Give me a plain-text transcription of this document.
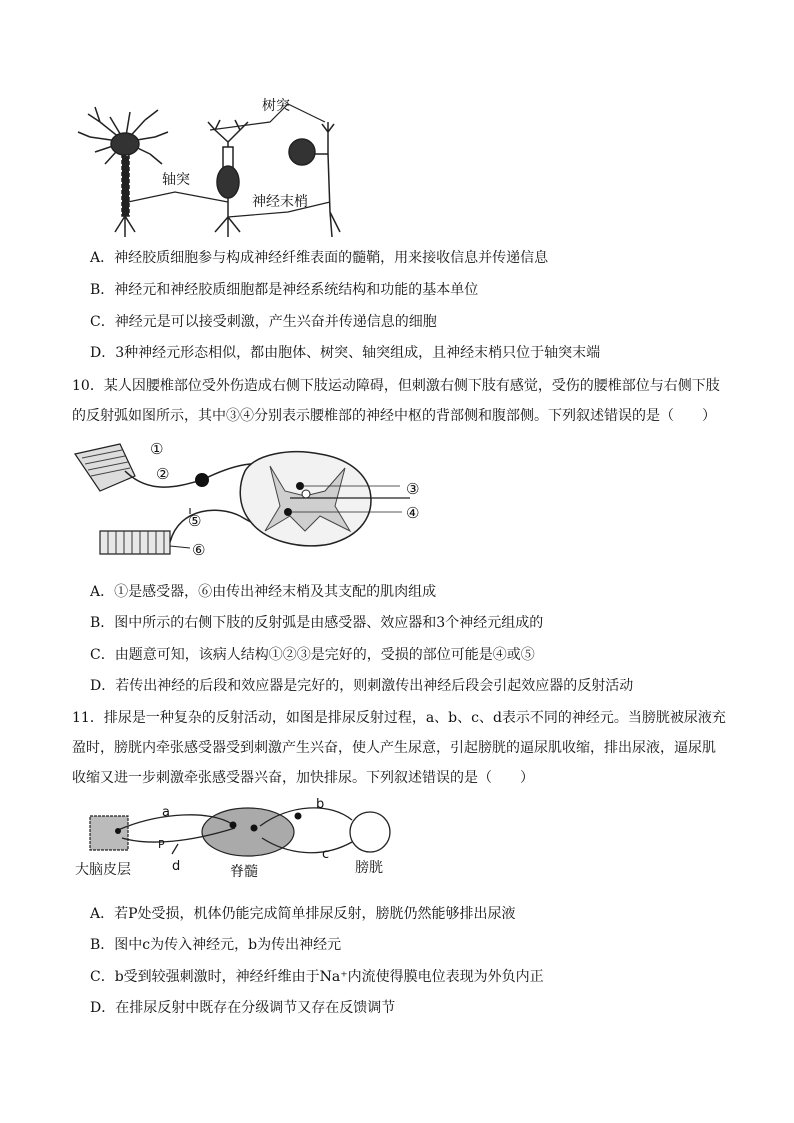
树突
轴突
神经末梢
A．神经胶质细胞参与构成神经纤维表面的髓鞘，用来接收信息并传递信息
B．神经元和神经胶质细胞都是神经系统结构和功能的基本单位
C．神经元是可以接受刺激，产生兴奋并传递信息的细胞
D．3种神经元形态相似，都由胞体、树突、轴突组成，且神经末梢只位于轴突末端
10．某人因腰椎部位受外伤造成右侧下肢运动障碍，但刺激右侧下肢有感觉，受伤的腰椎部位与右侧下肢
的反射弧如图所示，其中③④分别表示腰椎部的神经中枢的背部侧和腹部侧。下列叙述错误的是（　　）
①
②
③
④
⑤
⑥
A．①是感受器，⑥由传出神经末梢及其支配的肌肉组成
B．图中所示的右侧下肢的反射弧是由感受器、效应器和3个神经元组成的
C．由题意可知，该病人结构①②③是完好的，受损的部位可能是④或⑤
D．若传出神经的后段和效应器是完好的，则刺激传出神经后段会引起效应器的反射活动
11．排尿是一种复杂的反射活动，如图是排尿反射过程，a、b、c、d表示不同的神经元。当膀胱被尿液充
盈时，膀胱内牵张感受器受到刺激产生兴奋，使人产生尿意，引起膀胱的逼尿肌收缩，排出尿液，逼尿肌
收缩又进一步刺激牵张感受器兴奋，加快排尿。下列叙述错误的是（　　）
a
b
c
d
P
大脑皮层	脊髓	膀胱
A．若P处受损，机体仍能完成简单排尿反射，膀胱仍然能够排出尿液
B．图中c为传入神经元，b为传出神经元
C．b受到较强刺激时，神经纤维由于Na⁺内流使得膜电位表现为外负内正
D．在排尿反射中既存在分级调节又存在反馈调节
